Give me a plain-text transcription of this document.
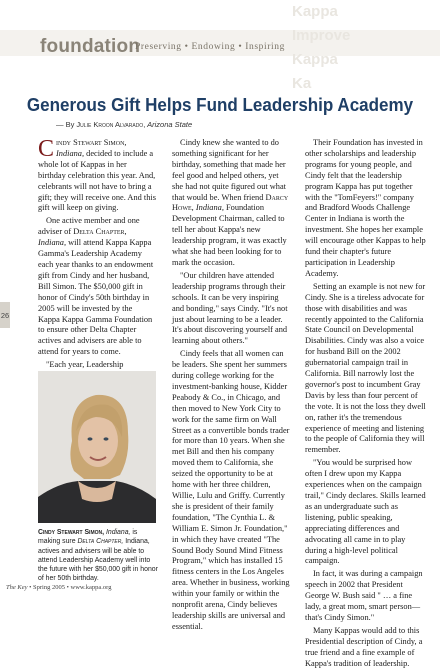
Kappa
Improve
Kappa
Ka
foundation
Preserving • Endowing • Inspiring
Generous Gift Helps Fund Leadership Academy
— By Julie Kroon Alvarado, Arizona State
26

Cindy Stewart Simon, Indiana, decided to include a whole lot of Kappas in her birthday celebration this year. And, celebrants will not have to bring a gift; they will receive one. And this gift will keep on giving.

One active member and one adviser of Delta Chapter, Indiana, will attend Kappa Kappa Gamma's Leadership Academy each year thanks to an endowment gift from Cindy and her husband, Bill Simon. The $50,000 gift in honor of Cindy's 50th birthday in 2005 will be invested by the Kappa Kappa Gamma Foundation to ensure other Delta Chapter actives and advisers are able to attend for years to come.

"Each year, Leadership

Cindy Stewart Simon, Indiana, is making sure Delta Chapter, Indiana, actives and advisers will be able to attend Leadership Academy well into the future with her $50,000 gift in honor of her 50th birthday.

Cindy knew she wanted to do something significant for her birthday, something that made her feel good and helped others, yet she had not quite figured out what that would be. When friend Darcy Howe, Indiana, Foundation Development Chairman, called to tell her about Kappa's new leadership program, it was exactly what she had been looking for to mark the occasion.

"Our children have attended leadership programs through their schools. It can be very inspiring and bonding," says Cindy. "It's not just about learning to be a leader. It's about discovering yourself and learning about others."

Cindy feels that all women can be leaders. She spent her summers during college working for the investment-banking house, Kidder Peabody & Co., in Chicago, and then moved to New York City to work for the same firm on Wall Street as a convertible bonds trader for more than 10 years. When she met Bill and then his company moved them to California, she seized the opportunity to be at home with her three children, Willie, Lulu and Griffy. Currently she is president of their family foundation, "The Cynthia L. & William E. Simon Jr. Foundation," in which they have created "The Sound Body Sound Mind Fitness Program," which has installed 15 fitness centers in the Los Angeles area. Whether in business, working within your family or within the nonprofit arena, Cindy believes leadership skills are universal and essential.

Their Foundation has invested in other scholarships and leadership programs for young people, and Cindy felt that the leadership program Kappa has put together with the "TomFeyers!" company and Bradford Woods Challenge Center in Indiana is worth the investment. She hopes her example will encourage other Kappas to help fund their chapter's future participation in Leadership Academy.

Setting an example is not new for Cindy. She is a tireless advocate for those with disabilities and was recently appointed to the California State Council on Developmental Disabilities. Cindy was also a voice for husband Bill on the 2002 gubernatorial campaign trail in California. Bill narrowly lost the governor's post to incumbent Gray Davis by less than four percent of the vote. It is not the loss they dwell on, rather it's the tremendous experience of meeting and listening to the people of California they will remember.

"You would be surprised how often I drew upon my Kappa experiences when on the campaign trail," Cindy declares. Skills learned as an undergraduate such as listening, public speaking, appreciating differences and advocating all came in to play during a high-level political campaign.

In fact, it was during a campaign speech in 2002 that President George W. Bush said " … a fine lady, a great mom, smart person—that's Cindy Simon."

Many Kappas would add to this Presidential description of Cindy, a true friend and a fine example of Kappa's tradition of leadership.

The Key • Spring 2005 • www.kappa.org
